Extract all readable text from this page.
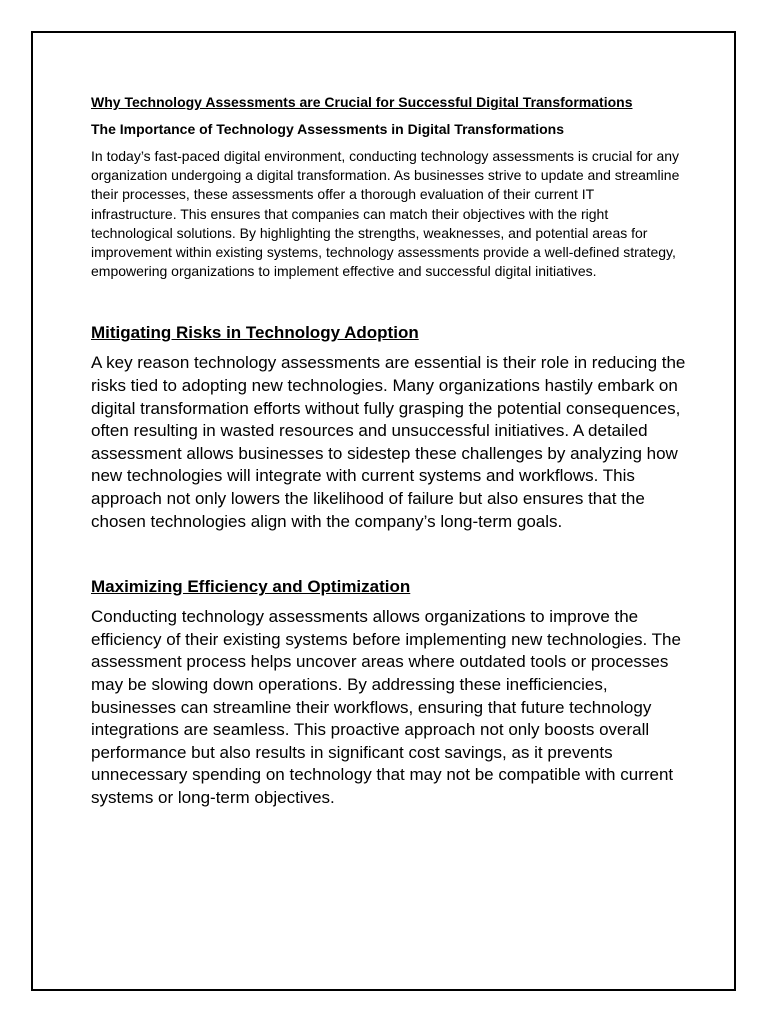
Why Technology Assessments are Crucial for Successful Digital Transformations
The Importance of Technology Assessments in Digital Transformations

In today’s fast-paced digital environment, conducting technology assessments is crucial for any organization undergoing a digital transformation. As businesses strive to update and streamline their processes, these assessments offer a thorough evaluation of their current IT infrastructure. This ensures that companies can match their objectives with the right technological solutions. By highlighting the strengths, weaknesses, and potential areas for improvement within existing systems, technology assessments provide a well-defined strategy, empowering organizations to implement effective and successful digital initiatives.

Mitigating Risks in Technology Adoption

A key reason technology assessments are essential is their role in reducing the risks tied to adopting new technologies. Many organizations hastily embark on digital transformation efforts without fully grasping the potential consequences, often resulting in wasted resources and unsuccessful initiatives. A detailed assessment allows businesses to sidestep these challenges by analyzing how new technologies will integrate with current systems and workflows. This approach not only lowers the likelihood of failure but also ensures that the chosen technologies align with the company’s long-term goals.

Maximizing Efficiency and Optimization

Conducting technology assessments allows organizations to improve the efficiency of their existing systems before implementing new technologies. The assessment process helps uncover areas where outdated tools or processes may be slowing down operations. By addressing these inefficiencies, businesses can streamline their workflows, ensuring that future technology integrations are seamless. This proactive approach not only boosts overall performance but also results in significant cost savings, as it prevents unnecessary spending on technology that may not be compatible with current systems or long-term objectives.
